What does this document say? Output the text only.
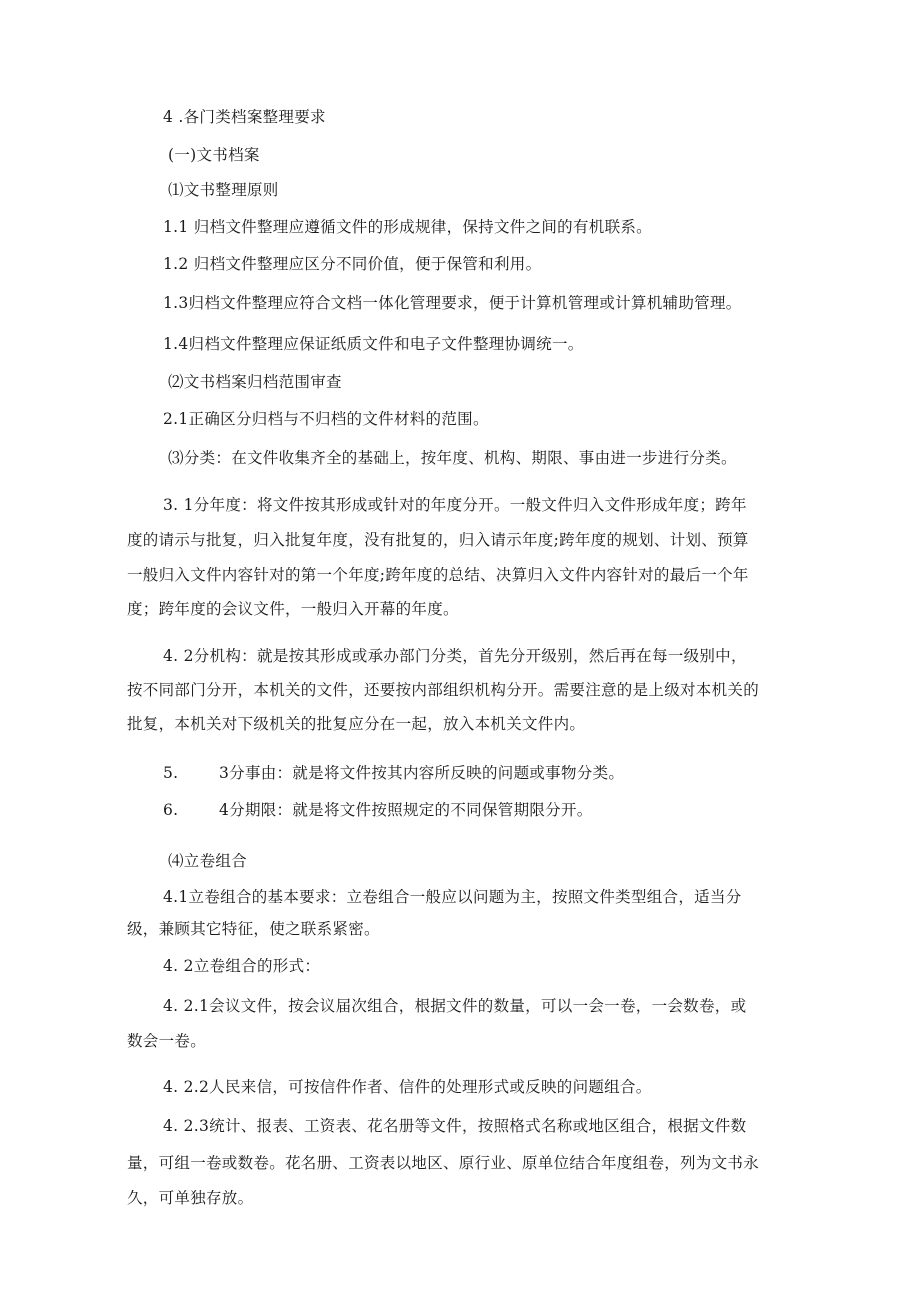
4 .各门类档案整理要求

(一)文书档案

⑴文书整理原则

1.1 归档文件整理应遵循文件的形成规律，保持文件之间的有机联系。

1.2 归档文件整理应区分不同价值，便于保管和利用。

1.3归档文件整理应符合文档一体化管理要求，便于计算机管理或计算机辅助管理。

1.4归档文件整理应保证纸质文件和电子文件整理协调统一。

⑵文书档案归档范围审查

2.1正确区分归档与不归档的文件材料的范围。

⑶分类：在文件收集齐全的基础上，按年度、机构、期限、事由进一步进行分类。

3. 1分年度：将文件按其形成或针对的年度分开。一般文件归入文件形成年度；跨年

度的请示与批复，归入批复年度，没有批复的，归入请示年度;跨年度的规划、计划、预算

一般归入文件内容针对的第一个年度;跨年度的总结、决算归入文件内容针对的最后一个年

度；跨年度的会议文件，一般归入开幕的年度。

4. 2分机构：就是按其形成或承办部门分类，首先分开级别，然后再在每一级别中，

按不同部门分开，本机关的文件，还要按内部组织机构分开。需要注意的是上级对本机关的

批复，本机关对下级机关的批复应分在一起，放入本机关文件内。

5.	3分事由：就是将文件按其内容所反映的问题或事物分类。

6.	4分期限：就是将文件按照规定的不同保管期限分开。

⑷立卷组合

4.1立卷组合的基本要求：立卷组合一般应以问题为主，按照文件类型组合，适当分

级，兼顾其它特征，使之联系紧密。

4. 2立卷组合的形式：

4. 2.1会议文件，按会议届次组合，根据文件的数量，可以一会一卷，一会数卷，或

数会一卷。

4. 2.2人民来信，可按信件作者、信件的处理形式或反映的问题组合。

4. 2.3统计、报表、工资表、花名册等文件，按照格式名称或地区组合，根据文件数

量，可组一卷或数卷。花名册、工资表以地区、原行业、原单位结合年度组卷，列为文书永

久，可单独存放。
